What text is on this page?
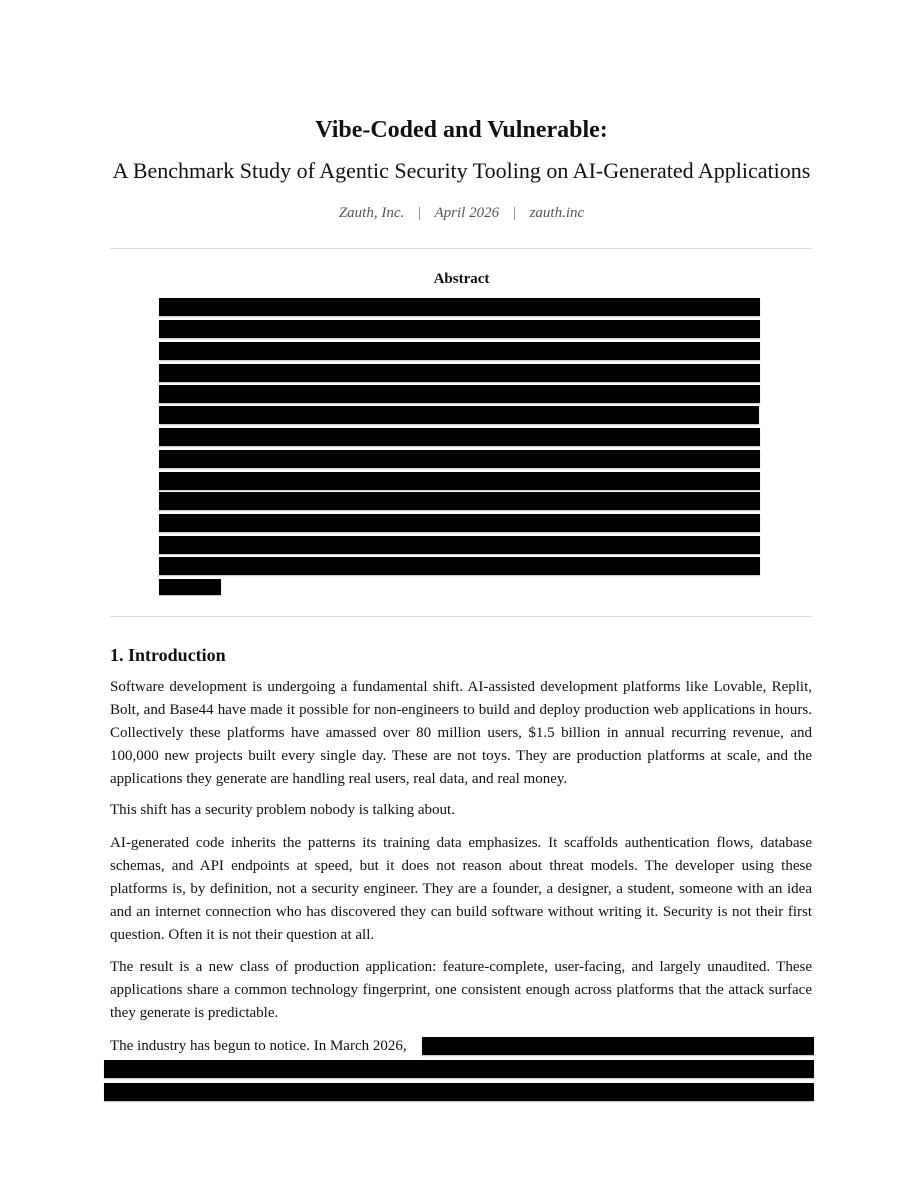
Vibe-Coded and Vulnerable:
A Benchmark Study of Agentic Security Tooling on AI-Generated Applications
Zauth, Inc. | April 2026 | zauth.inc
Abstract
1. Introduction

Software development is undergoing a fundamental shift. AI-assisted development platforms like Lovable, Replit, Bolt, and Base44 have made it possible for non-engineers to build and deploy production web applications in hours. Collectively these platforms have amassed over 80 million users, $1.5 billion in annual recurring revenue, and 100,000 new projects built every single day. These are not toys. They are production platforms at scale, and the applications they generate are handling real users, real data, and real money.

This shift has a security problem nobody is talking about.

AI-generated code inherits the patterns its training data emphasizes. It scaffolds authentication flows, database schemas, and API endpoints at speed, but it does not reason about threat models. The developer using these platforms is, by definition, not a security engineer. They are a founder, a designer, a student, someone with an idea and an internet connection who has discovered they can build software without writing it. Security is not their first question. Often it is not their question at all.

The result is a new class of production application: feature-complete, user-facing, and largely unaudited. These applications share a common technology fingerprint, one consistent enough across platforms that the attack surface they generate is predictable.

The industry has begun to notice. In March 2026,
